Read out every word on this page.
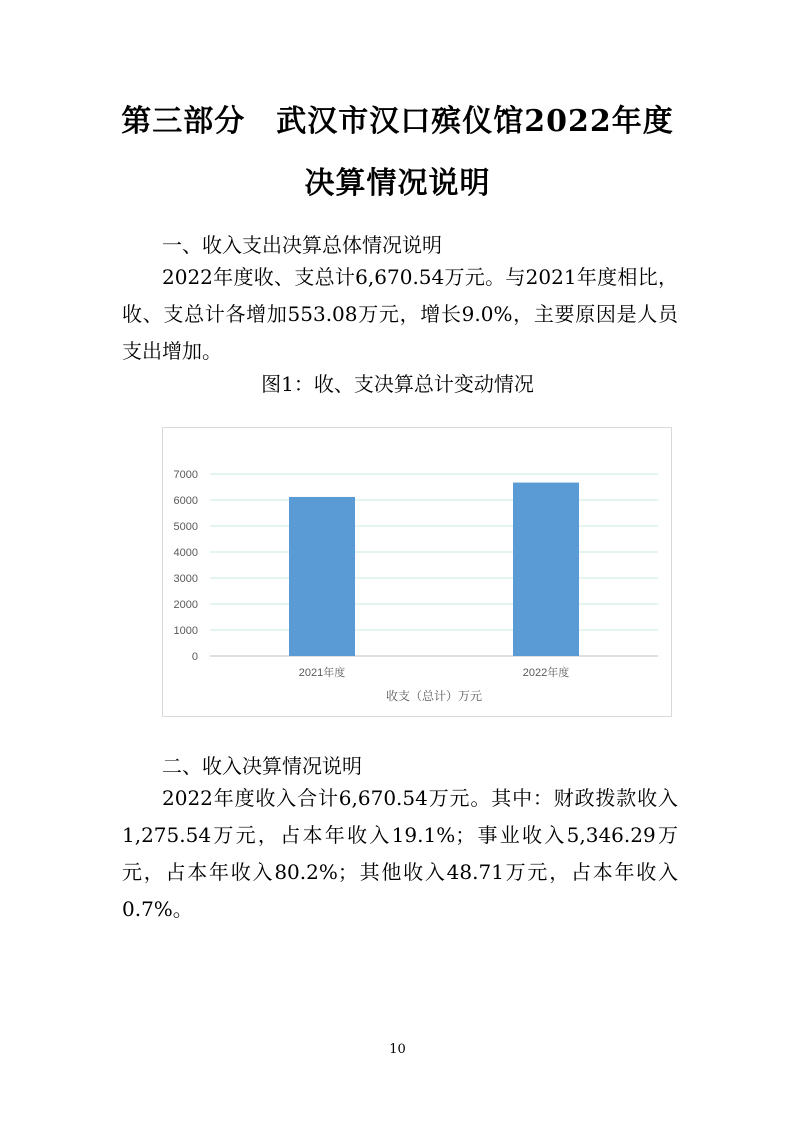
第三部分　武汉市汉口殡仪馆2022年度
决算情况说明
一、收入支出决算总体情况说明
2022年度收、支总计6,670.54万元。与2021年度相比，收、支总计各增加553.08万元，增长9.0%，主要原因是人员支出增加。
图1：收、支决算总计变动情况
0
1000
2000
3000
4000
5000
6000
7000
2021年度	2022年度
收支（总计）万元
二、收入决算情况说明
2022年度收入合计6,670.54万元。其中：财政拨款收入1,275.54万元，占本年收入19.1%；事业收入5,346.29万元，占本年收入80.2%；其他收入48.71万元，占本年收入0.7%。
10
